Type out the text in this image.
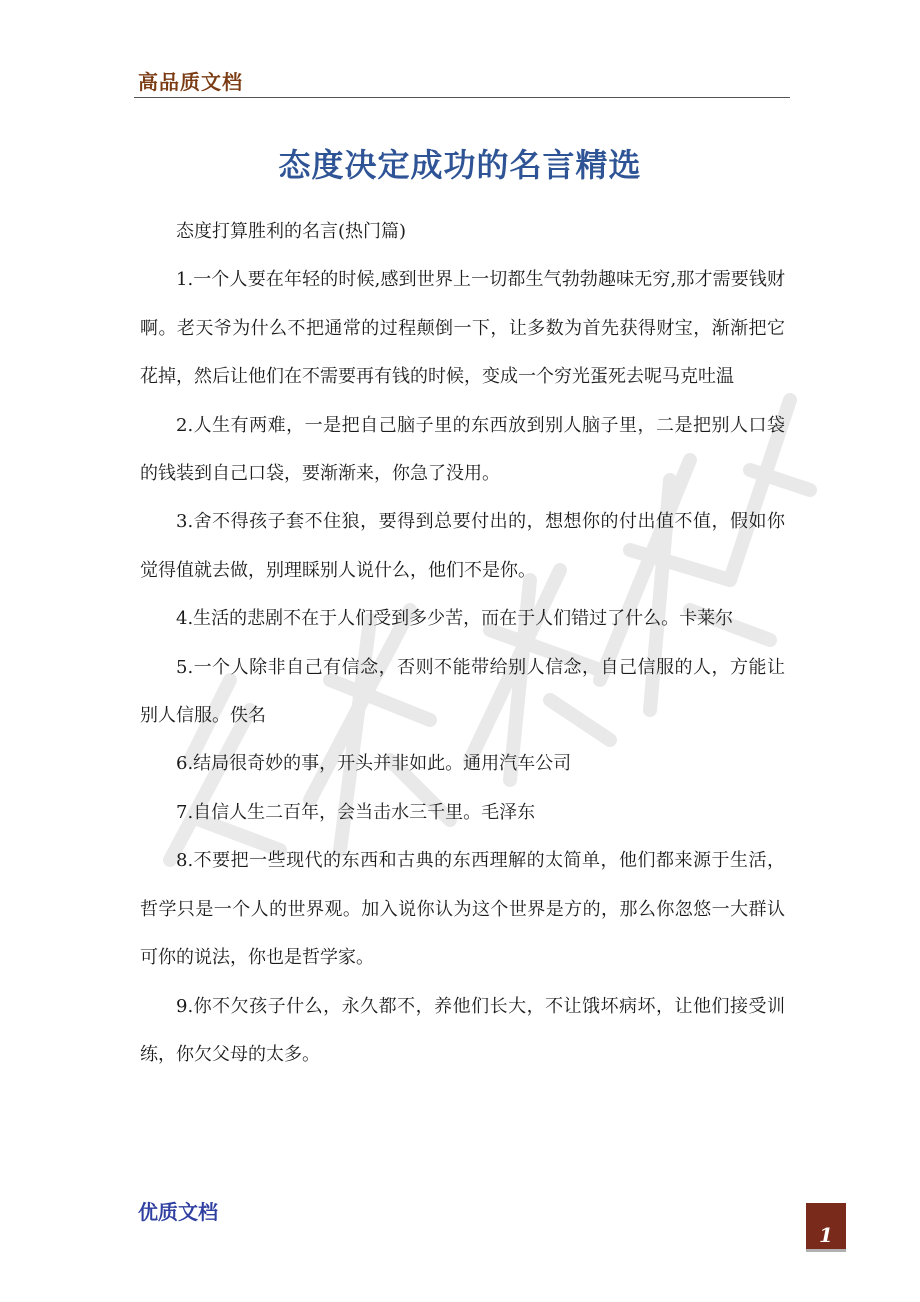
高品质文档
态度决定成功的名言精选

态度打算胜利的名言(热门篇)

1.一个人要在年轻的时候,感到世界上一切都生气勃勃趣味无穷,那才需要钱财啊。老天爷为什么不把通常的过程颠倒一下，让多数为首先获得财宝，渐渐把它花掉，然后让他们在不需要再有钱的时候，变成一个穷光蛋死去呢马克吐温

2.人生有两难，一是把自己脑子里的东西放到别人脑子里，二是把别人口袋的钱装到自己口袋，要渐渐来，你急了没用。

3.舍不得孩子套不住狼，要得到总要付出的，想想你的付出值不值，假如你觉得值就去做，别理睬别人说什么，他们不是你。

4.生活的悲剧不在于人们受到多少苦，而在于人们错过了什么。卡莱尔

5.一个人除非自己有信念，否则不能带给别人信念，自己信服的人，方能让别人信服。佚名

6.结局很奇妙的事，开头并非如此。通用汽车公司

7.自信人生二百年，会当击水三千里。毛泽东

8.不要把一些现代的东西和古典的东西理解的太简单，他们都来源于生活，哲学只是一个人的世界观。加入说你认为这个世界是方的，那么你忽悠一大群认可你的说法，你也是哲学家。

9.你不欠孩子什么，永久都不，养他们长大，不让饿坏病坏，让他们接受训练，你欠父母的太多。

优质文档
1
